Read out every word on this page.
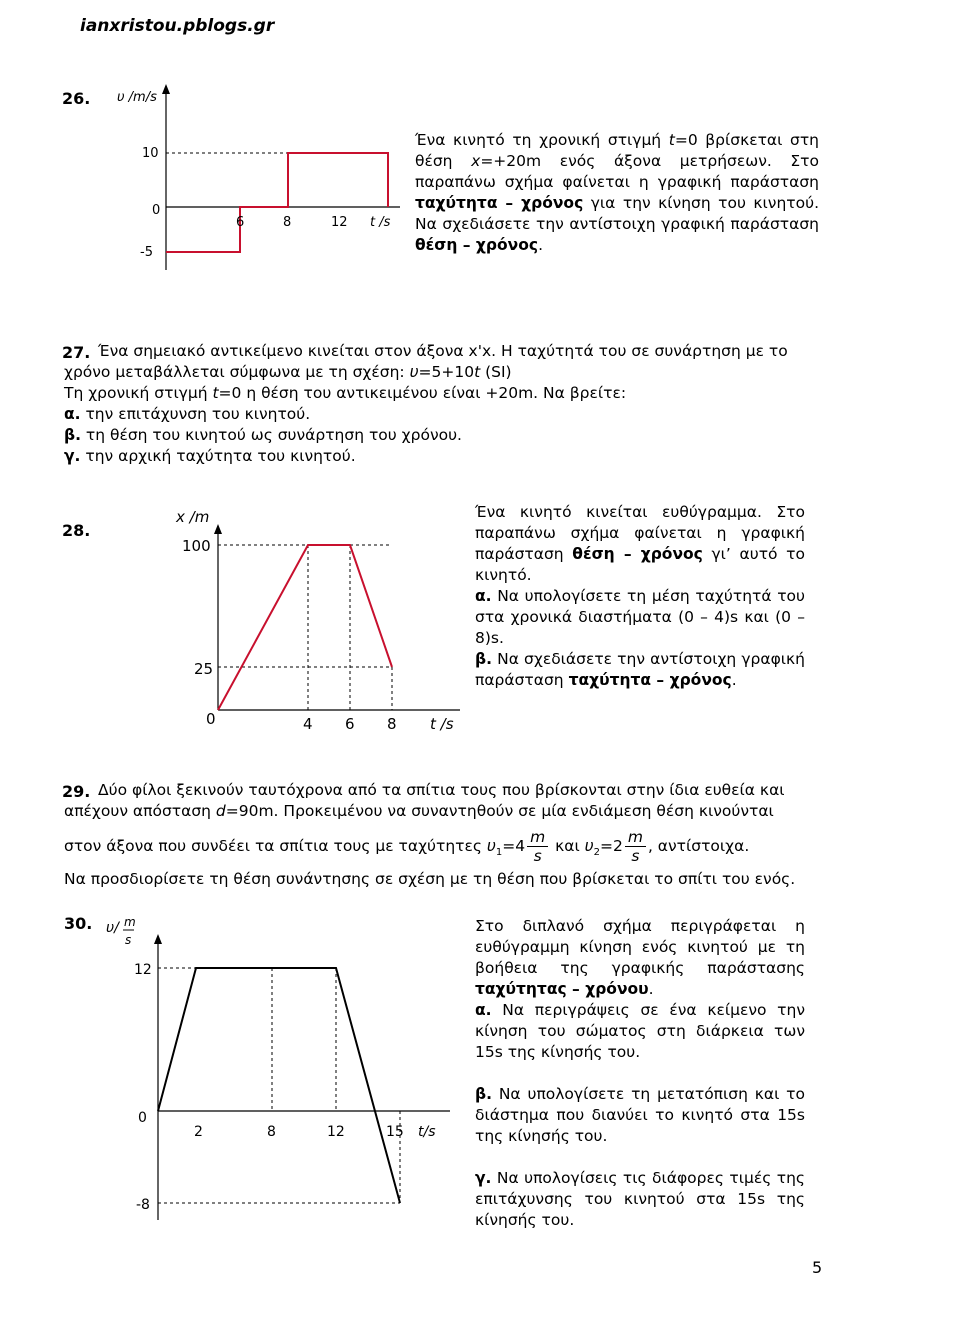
ianxristou.pblogs.gr
26. υ /m/s
10
0
-5
6	8	12 t /s
Ένα κινητό τη χρονική στιγμή t=0 βρίσκεται στη θέση x=+20m ενός άξονα μετρήσεων. Στο παραπάνω σχήμα φαίνεται η γραφική παράσταση ταχύτητα – χρόνος για την κίνηση του κινητού. Να σχεδιάσετε την αντίστοιχη γραφική παράσταση θέση – χρόνος.
27. Ένα σημειακό αντικείμενο κινείται στον άξονα x'x. Η ταχύτητά του σε συνάρτηση με το
χρόνο μεταβάλλεται σύμφωνα με τη σχέση: υ=5+10t (SI)
Τη χρονική στιγμή t=0 η θέση του αντικειμένου είναι +20m. Να βρείτε:
α. την επιτάχυνση του κινητού.
β. τη θέση του κινητού ως συνάρτηση του χρόνου.
γ. την αρχική ταχύτητα του κινητού.
28.
x /m
100
25
0	4 6 8 t /s
Ένα κινητό κινείται ευθύγραμμα. Στο παραπάνω σχήμα φαίνεται η γραφική παράσταση θέση – χρόνος γι’ αυτό το κινητό.
α. Να υπολογίσετε τη μέση ταχύτητά του στα χρονικά διαστήματα (0 – 4)s και (0 – 8)s.
β. Να σχεδιάσετε την αντίστοιχη γραφική παράσταση ταχύτητα – χρόνος.
29. Δύο φίλοι ξεκινούν ταυτόχρονα από τα σπίτια τους που βρίσκονται στην ίδια ευθεία και
απέχουν απόσταση d=90m. Προκειμένου να συναντηθούν σε μία ενδιάμεση θέση κινούνται
στον άξονα που συνδέει τα σπίτια τους με ταχύτητες $\upsilon_1=4 \frac{m}{s}$ και $\upsilon_2=2 \frac{m}{s}$ , αντίστοιχα.
Να προσδιορίσετε τη θέση συνάντησης σε σχέση με τη θέση που βρίσκεται το σπίτι του ενός.
30. υ/ m
s
12
0
-8
2	8	12	15 t/s
Στο διπλανό σχήμα περιγράφεται η ευθύγραμμη κίνηση ενός κινητού με τη βοήθεια της γραφικής παράστασης ταχύτητας – χρόνου.
α. Να περιγράψεις σε ένα κείμενο την κίνηση του σώματος στη διάρκεια των 15s της κίνησής του.
β. Να υπολογίσετε τη μετατόπιση και το διάστημα που διανύει το κινητό στα 15s της κίνησής του.
γ. Να υπολογίσεις τις διάφορες τιμές της επιτάχυνσης του κινητού στα 15s της κίνησής του.
5
